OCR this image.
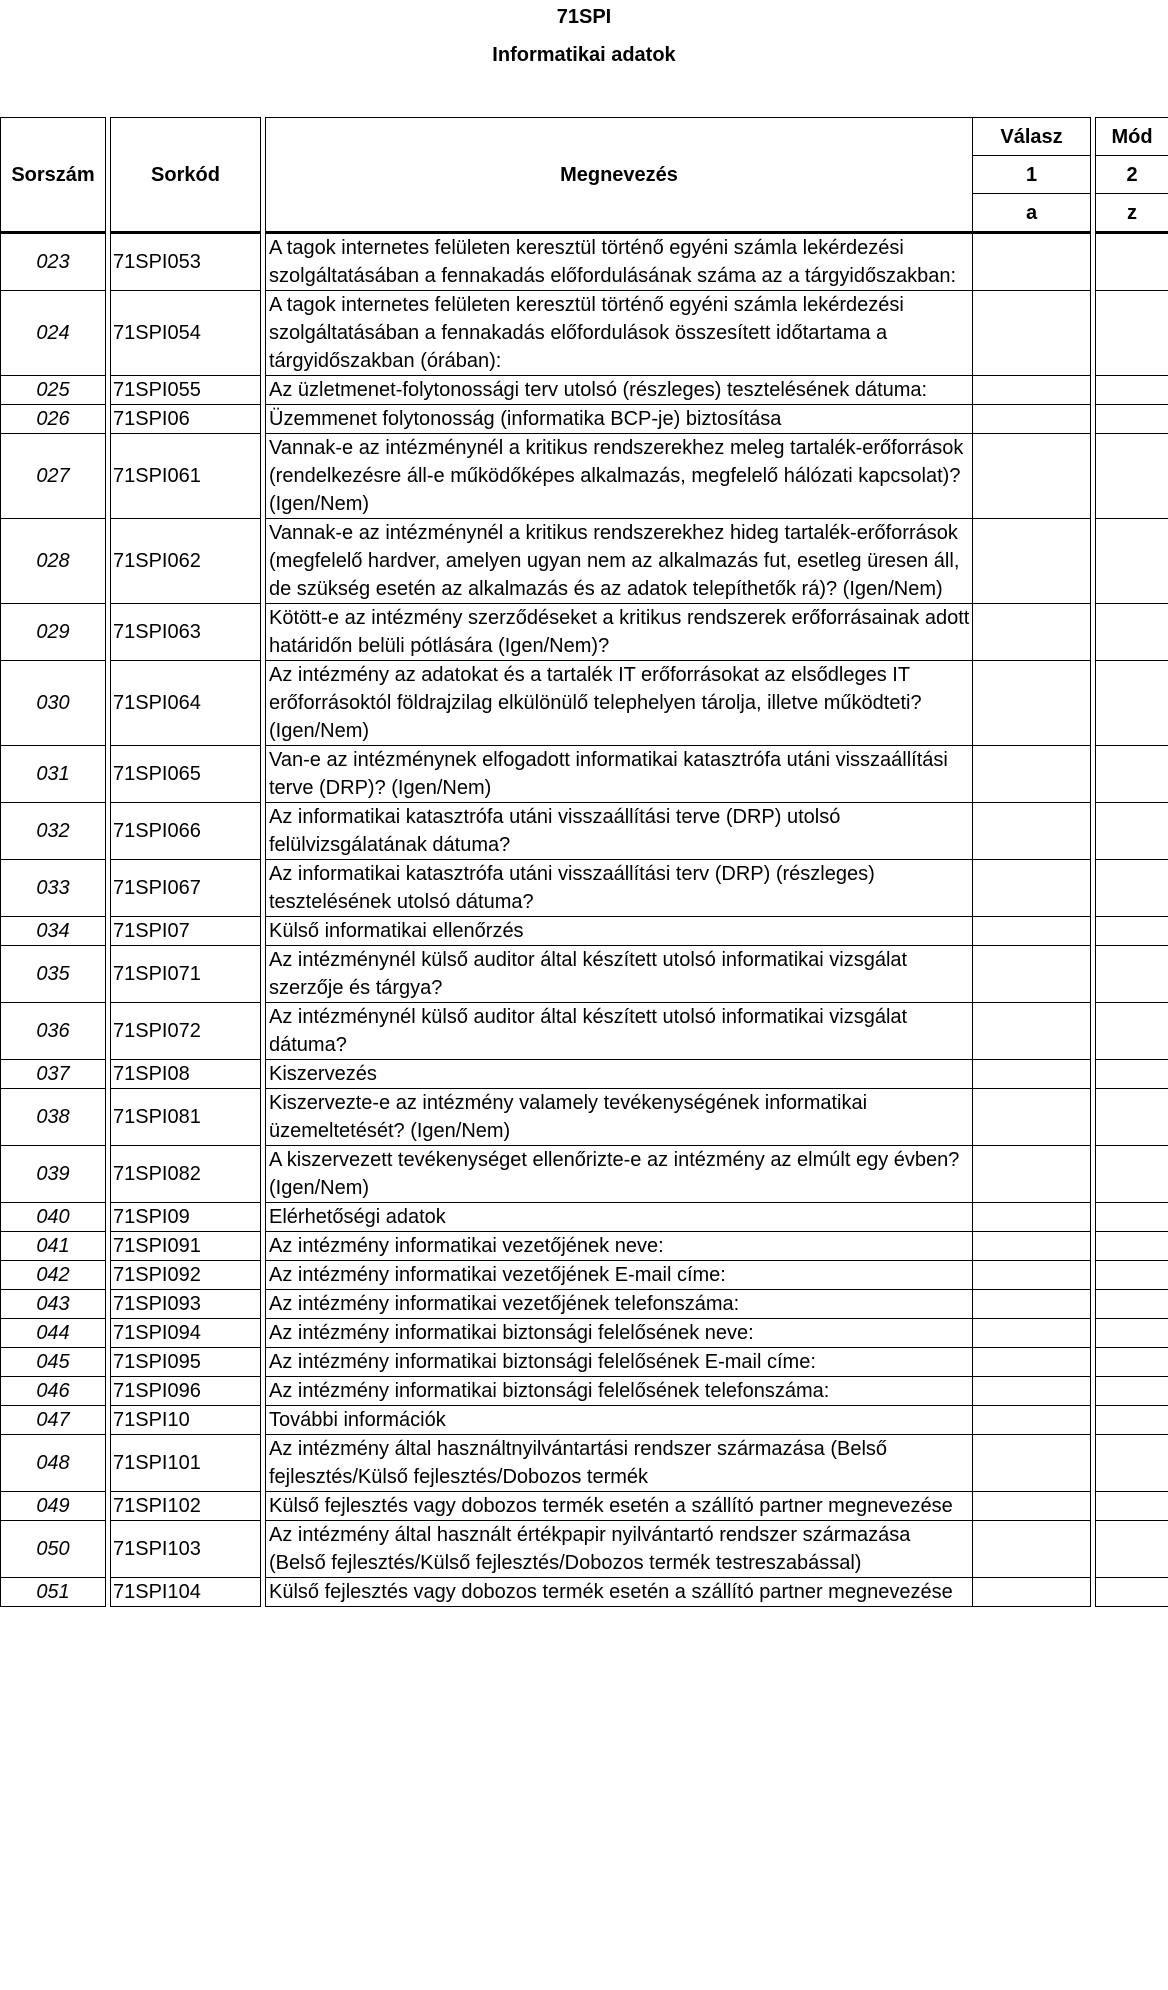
71SPI
Informatikai adatok
Sorszám		Sorkód		Megnevezés	Válasz		Mód
					1		2
					a		z
023		71SPI053		A tagok internetes felületen keresztül történő egyéni számla lekérdezési szolgáltatásában a fennakadás előfordulásának száma az a tárgyidőszakban:			
024		71SPI054		A tagok internetes felületen keresztül történő egyéni számla lekérdezési szolgáltatásában a fennakadás előfordulások összesített időtartama a tárgyidőszakban (órában):			
025		71SPI055		Az üzletmenet-folytonossági terv utolsó (részleges) tesztelésének dátuma:			
026		71SPI06		Üzemmenet folytonosság (informatika BCP-je) biztosítása			
027		71SPI061		Vannak-e az intézménynél a kritikus rendszerekhez meleg tartalék-erőforrások (rendelkezésre áll-e működőképes alkalmazás, megfelelő hálózati kapcsolat)? (Igen/Nem)			
028		71SPI062		Vannak-e az intézménynél a kritikus rendszerekhez hideg tartalék-erőforrások (megfelelő hardver, amelyen ugyan nem az alkalmazás fut, esetleg üresen áll, de szükség esetén az alkalmazás és az adatok telepíthetők rá)? (Igen/Nem)			
029		71SPI063		Kötött-e az intézmény szerződéseket a kritikus rendszerek erőforrásainak adott határidőn belüli pótlására (Igen/Nem)?			
030		71SPI064		Az intézmény az adatokat és a tartalék IT erőforrásokat az elsődleges IT erőforrásoktól földrajzilag elkülönülő telephelyen tárolja, illetve működteti? (Igen/Nem)			
031		71SPI065		Van-e az intézménynek elfogadott informatikai katasztrófa utáni visszaállítási terve (DRP)? (Igen/Nem)			
032		71SPI066		Az informatikai katasztrófa utáni visszaállítási terve (DRP) utolsó felülvizsgálatának dátuma?			
033		71SPI067		Az informatikai katasztrófa utáni visszaállítási terv (DRP) (részleges) tesztelésének utolsó dátuma?			
034		71SPI07		Külső informatikai ellenőrzés			
035		71SPI071		Az intézménynél külső auditor által készített utolsó informatikai vizsgálat szerzője és tárgya?			
036		71SPI072		Az intézménynél külső auditor által készített utolsó informatikai vizsgálat dátuma?			
037		71SPI08		Kiszervezés			
038		71SPI081		Kiszervezte-e az intézmény valamely tevékenységének informatikai üzemeltetését? (Igen/Nem)			
039		71SPI082		A kiszervezett tevékenységet ellenőrizte-e az intézmény az elmúlt egy évben? (Igen/Nem)			
040		71SPI09		Elérhetőségi adatok			
041		71SPI091		Az intézmény informatikai vezetőjének neve:			
042		71SPI092		Az intézmény informatikai vezetőjének E-mail címe:			
043		71SPI093		Az intézmény informatikai vezetőjének telefonszáma:			
044		71SPI094		Az intézmény informatikai biztonsági felelősének neve:			
045		71SPI095		Az intézmény informatikai biztonsági felelősének E-mail címe:			
046		71SPI096		Az intézmény informatikai biztonsági felelősének telefonszáma:			
047		71SPI10		További információk			
048		71SPI101		Az intézmény által használtnyilvántartási rendszer származása (Belső fejlesztés/Külső fejlesztés/Dobozos termék			
049		71SPI102		Külső fejlesztés vagy dobozos termék esetén a szállító partner megnevezése			
050		71SPI103		Az intézmény által használt értékpapir nyilvántartó rendszer származása (Belső fejlesztés/Külső fejlesztés/Dobozos termék testreszabással)			
051		71SPI104		Külső fejlesztés vagy dobozos termék esetén a szállító partner megnevezése			
